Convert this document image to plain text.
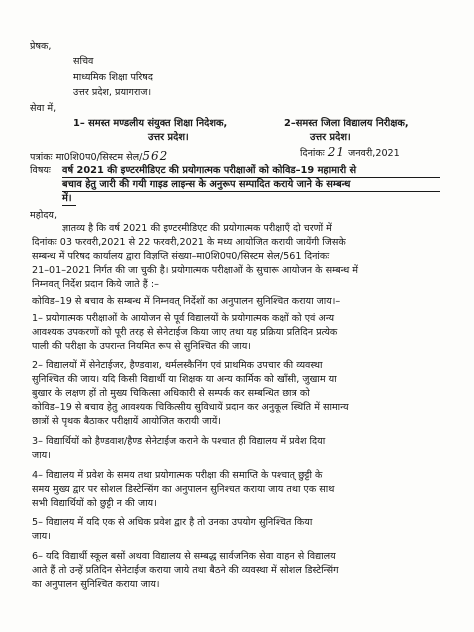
प्रेषक,
सचिव
माध्यमिक शिक्षा परिषद
उत्तर प्रदेश, प्रयागराज।
सेवा में,
1– समस्त मण्डलीय संयुक्त शिक्षा निदेशक,
उत्तर प्रदेश।
2–समस्त जिला विद्यालय निरीक्षक,
उत्तर प्रदेश।
पत्रांकः मा0शि0प0/सिस्टम सेल/562	दिनांकः 21 जनवरी,2021
विषयः वर्ष 2021 की इण्टरमीडिएट की प्रयोगात्मक परीक्षाओं को कोविड–19 महामारी से
बचाव हेतु जारी की गयी गाइड लाइन्स के अनुरूप सम्पादित कराये जाने के सम्बन्ध
में।
महोदय,
ज्ञातव्य है कि वर्ष 2021 की इण्टरमीडिएट की प्रयोगात्मक परीक्षाएँ दो चरणों में
दिनांकः 03 फरवरी,2021 से 22 फरवरी,2021 के मध्य आयोजित करायी जायेंगी जिसके
सम्बन्ध में परिषद कार्यालय द्वारा विज्ञप्ति संख्या–मा0शि0प0/सिस्टम सेल/561 दिनांकः
21–01–2021 निर्गत की जा चुकी है। प्रयोगात्मक परीक्षाओं के सुचारू आयोजन के सम्बन्ध में
निम्नवत् निर्देश प्रदान किये जाते हैं :–
कोविड–19 से बचाव के सम्बन्ध में निम्नवत् निर्देशों का अनुपालन सुनिश्चित कराया जाय।–
1– प्रयोगात्मक परीक्षाओं के आयोजन से पूर्व विद्यालयों के प्रयोगात्मक कक्षों को एवं अन्य
आवश्यक उपकरणों को पूरी तरह से सेनेटाईज किया जाए तथा यह प्रक्रिया प्रतिदिन प्रत्येक
पाली की परीक्षा के उपरान्त नियमित रूप से सुनिश्चित की जाय।
2– विद्यालयों में सेनेटाईजर, हैण्डवाश, थर्मलस्कैनिंग एवं प्राथमिक उपचार की व्यवस्था
सुनिश्चित की जाय। यदि किसी विद्यार्थी या शिक्षक या अन्य कार्मिक को खाँसी, जुखाम या
बुखार के लक्षण हों तो मुख्य चिकित्सा अधिकारी से सम्पर्क कर सम्बन्धित छात्र को
कोविड–19 से बचाव हेतु आवश्यक चिकित्सीय सुविधायें प्रदान कर अनुकूल स्थिति में सामान्य
छात्रों से पृथक बैठाकर परीक्षायें आयोजित करायी जायें।
3– विद्यार्थियों को हैण्डवाश/हैण्ड सेनेटाईज कराने के पश्चात ही विद्यालय में प्रवेश दिया
जाय।
4– विद्यालय में प्रवेश के समय तथा प्रयोगात्मक परीक्षा की समाप्ति के पश्चात् छुट्टी के
समय मुख्य द्वार पर सोशल डिस्टेन्सिंग का अनुपालन सुनिश्चत कराया जाय तथा एक साथ
सभी विद्यार्थियों को छुट्टी न की जाय।
5– विद्यालय में यदि एक से अधिक प्रवेश द्वार है तो उनका उपयोग सुनिश्चित किया
जाय।
6– यदि विद्यार्थी स्कूल बसों अथवा विद्यालय से सम्बद्ध सार्वजनिक सेवा वाहन से विद्यालय
आते हैं तो उन्हें प्रतिदिन सेनेटाईज कराया जाये तथा बैठने की व्यवस्था में सोशल डिस्टेन्सिंग
का अनुपालन सुनिश्चित कराया जाय।
